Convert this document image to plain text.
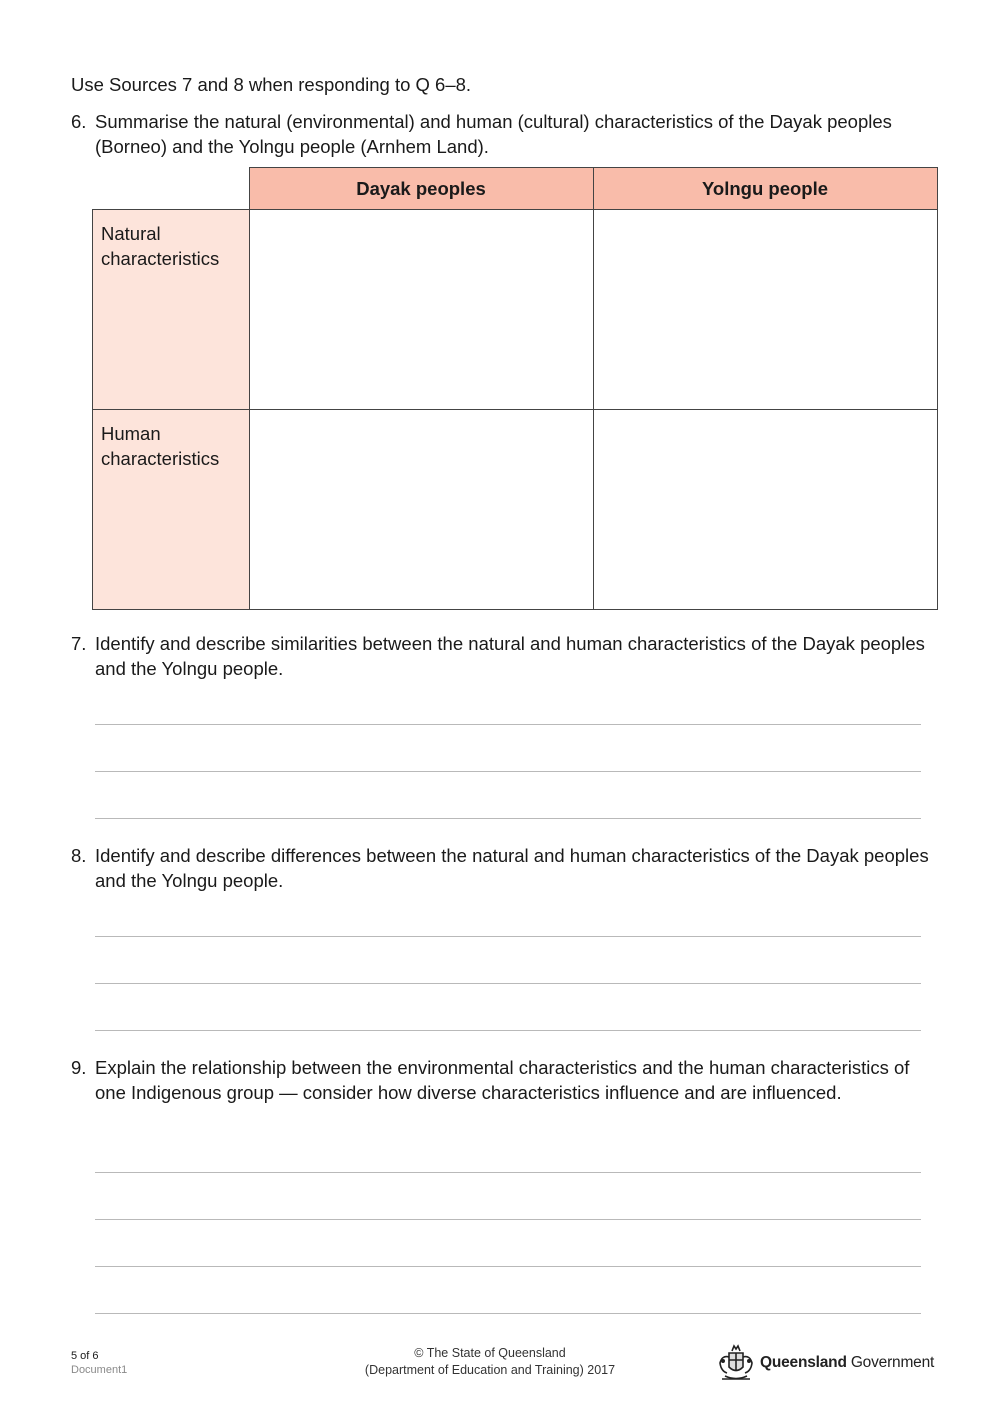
Use Sources 7 and 8 when responding to Q 6–8.
6. Summarise the natural (environmental) and human (cultural) characteristics of the Dayak peoples (Borneo) and the Yolngu people (Arnhem Land).
	Dayak peoples	Yolngu people
Natural characteristics		
Human characteristics		
7. Identify and describe similarities between the natural and human characteristics of the Dayak peoples and the Yolngu people.
8. Identify and describe differences between the natural and human characteristics of the Dayak peoples and the Yolngu people.
9. Explain the relationship between the environmental characteristics and the human characteristics of one Indigenous group — consider how diverse characteristics influence and are influenced.
5 of 6
Document1
© The State of Queensland
(Department of Education and Training) 2017	Queensland Government
